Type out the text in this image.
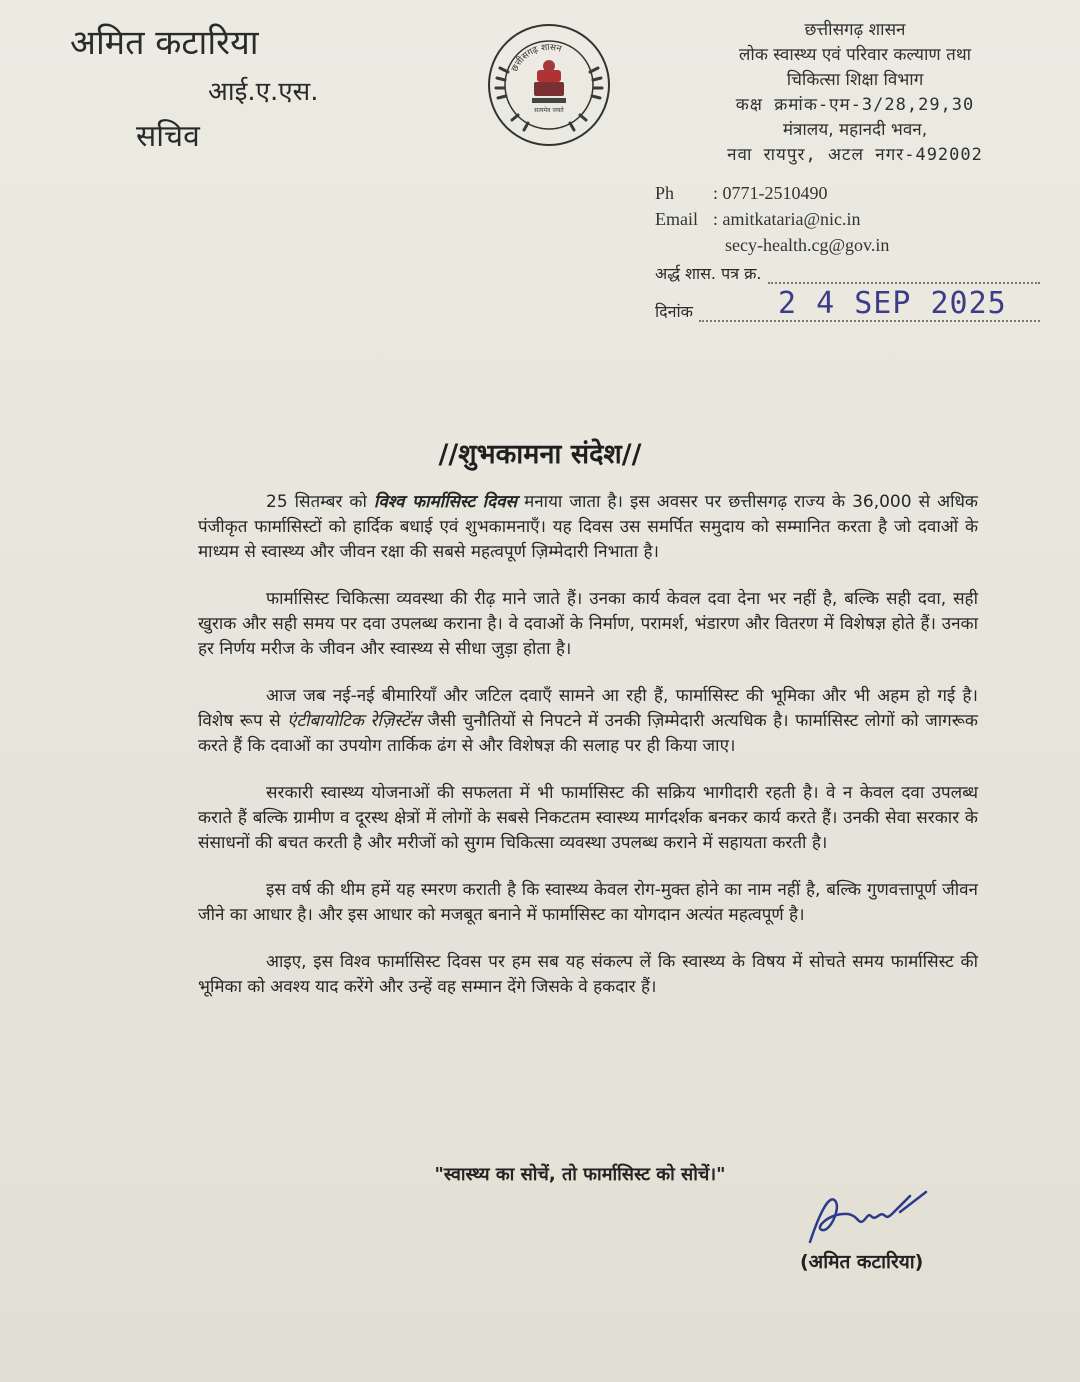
अमित कटारिया
आई.ए.एस.
सचिव
छत्तीसगढ़ शासन
सत्यमेव जयते
छत्तीसगढ़ शासन
लोक स्वास्थ्य एवं परिवार कल्याण तथा
चिकित्सा शिक्षा विभाग
कक्ष क्रमांक-एम-3/28,29,30
मंत्रालय, महानदी भवन,
नवा रायपुर, अटल नगर-492002
Ph	: 0771-2510490
Email : amitkataria@nic.in
secy-health.cg@gov.in
अर्द्ध शास. पत्र क्र.
दिनांक	2 4 SEP 2025
//शुभकामना संदेश//

25 सितम्बर को विश्व फार्मासिस्ट दिवस मनाया जाता है। इस अवसर पर छत्तीसगढ़ राज्य के 36,000 से अधिक पंजीकृत फार्मासिस्टों को हार्दिक बधाई एवं शुभकामनाएँ। यह दिवस उस समर्पित समुदाय को सम्मानित करता है जो दवाओं के माध्यम से स्वास्थ्य और जीवन रक्षा की सबसे महत्वपूर्ण ज़िम्मेदारी निभाता है।

फार्मासिस्ट चिकित्सा व्यवस्था की रीढ़ माने जाते हैं। उनका कार्य केवल दवा देना भर नहीं है, बल्कि सही दवा, सही खुराक और सही समय पर दवा उपलब्ध कराना है। वे दवाओं के निर्माण, परामर्श, भंडारण और वितरण में विशेषज्ञ होते हैं। उनका हर निर्णय मरीज के जीवन और स्वास्थ्य से सीधा जुड़ा होता है।

आज जब नई-नई बीमारियाँ और जटिल दवाएँ सामने आ रही हैं, फार्मासिस्ट की भूमिका और भी अहम हो गई है। विशेष रूप से एंटीबायोटिक रेज़िस्टेंस जैसी चुनौतियों से निपटने में उनकी ज़िम्मेदारी अत्यधिक है। फार्मासिस्ट लोगों को जागरूक करते हैं कि दवाओं का उपयोग तार्किक ढंग से और विशेषज्ञ की सलाह पर ही किया जाए।

सरकारी स्वास्थ्य योजनाओं की सफलता में भी फार्मासिस्ट की सक्रिय भागीदारी रहती है। वे न केवल दवा उपलब्ध कराते हैं बल्कि ग्रामीण व दूरस्थ क्षेत्रों में लोगों के सबसे निकटतम स्वास्थ्य मार्गदर्शक बनकर कार्य करते हैं। उनकी सेवा सरकार के संसाधनों की बचत करती है और मरीजों को सुगम चिकित्सा व्यवस्था उपलब्ध कराने में सहायता करती है।

इस वर्ष की थीम हमें यह स्मरण कराती है कि स्वास्थ्य केवल रोग-मुक्त होने का नाम नहीं है, बल्कि गुणवत्तापूर्ण जीवन जीने का आधार है। और इस आधार को मजबूत बनाने में फार्मासिस्ट का योगदान अत्यंत महत्वपूर्ण है।

आइए, इस विश्व फार्मासिस्ट दिवस पर हम सब यह संकल्प लें कि स्वास्थ्य के विषय में सोचते समय फार्मासिस्ट की भूमिका को अवश्य याद करेंगे और उन्हें वह सम्मान देंगे जिसके वे हकदार हैं।

"स्वास्थ्य का सोचें, तो फार्मासिस्ट को सोचें।"
(अमित कटारिया)
